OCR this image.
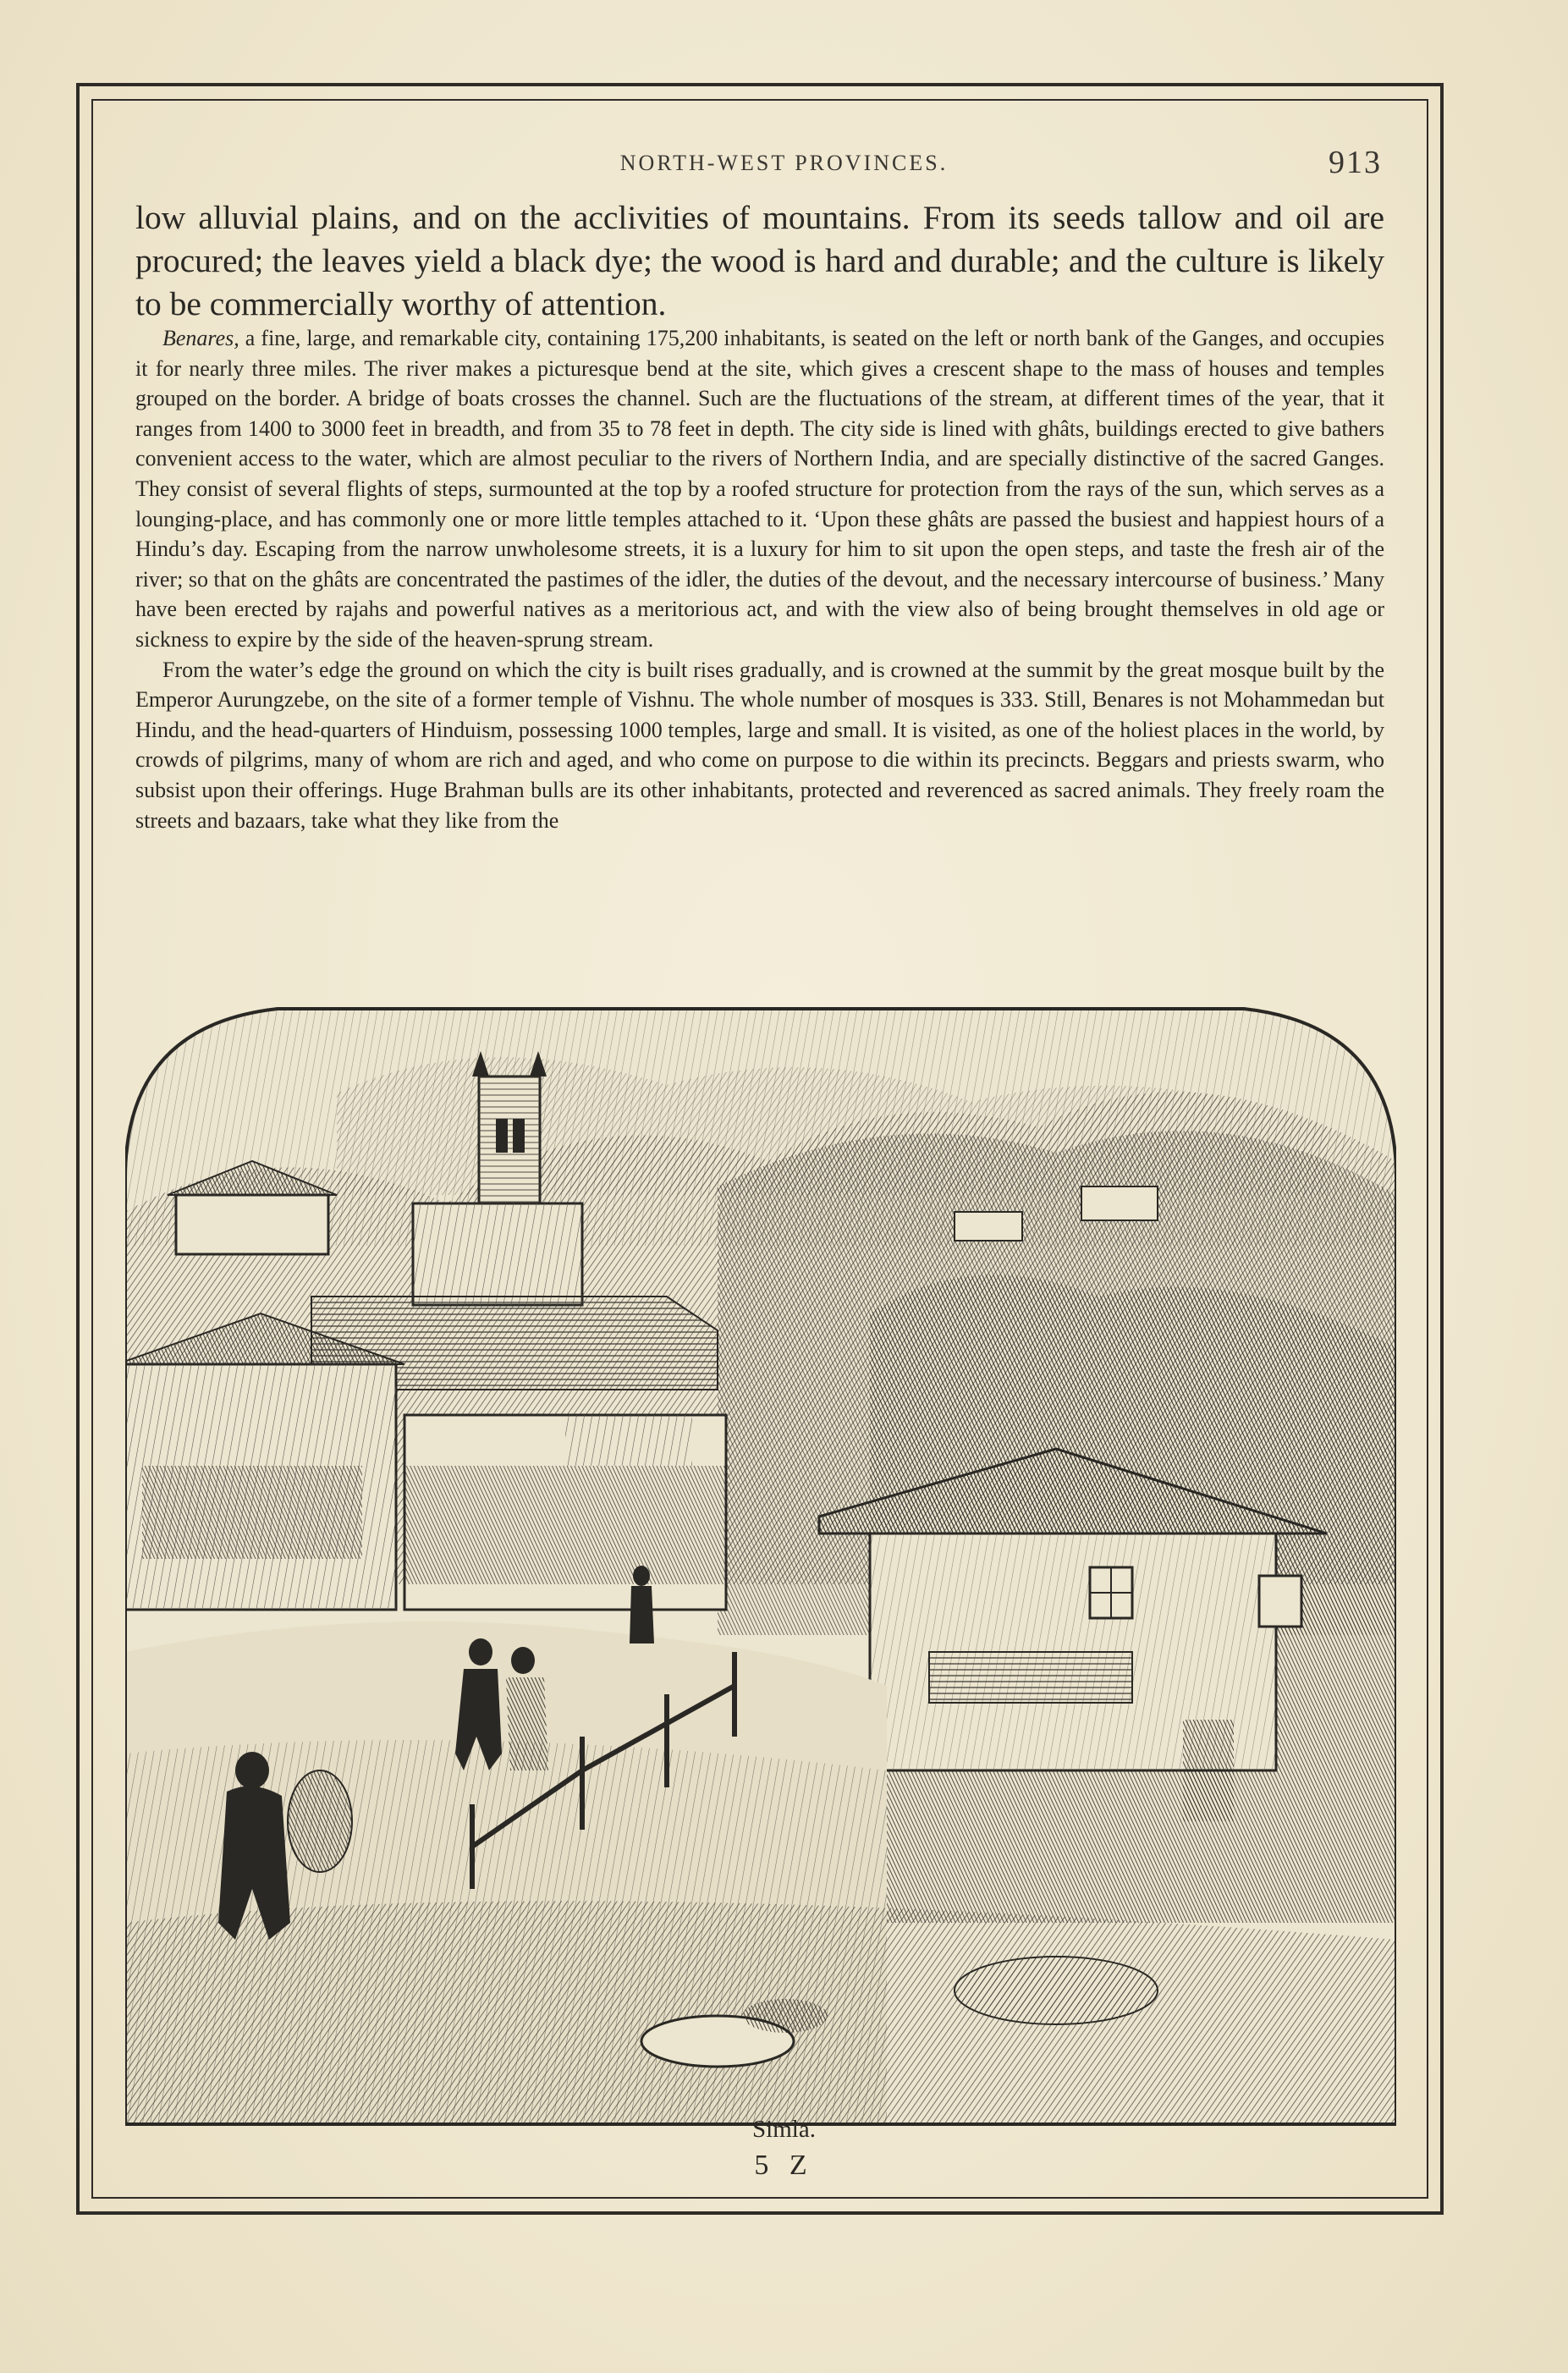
NORTH-WEST PROVINCES.	913

low alluvial plains, and on the acclivities of mountains. From its seeds tallow and oil are procured; the leaves yield a black dye; the wood is hard and durable; and the culture is likely to be commercially worthy of attention.

Benares, a fine, large, and remarkable city, containing 175,200 inhabitants, is seated on the left or north bank of the Ganges, and occupies it for nearly three miles. The river makes a picturesque bend at the site, which gives a crescent shape to the mass of houses and temples grouped on the border. A bridge of boats crosses the channel. Such are the fluctuations of the stream, at different times of the year, that it ranges from 1400 to 3000 feet in breadth, and from 35 to 78 feet in depth. The city side is lined with ghâts, buildings erected to give bathers convenient access to the water, which are almost peculiar to the rivers of Northern India, and are specially distinctive of the sacred Ganges. They consist of several flights of steps, surmounted at the top by a roofed structure for protection from the rays of the sun, which serves as a lounging-place, and has commonly one or more little temples attached to it. ‘Upon these ghâts are passed the busiest and happiest hours of a Hindu’s day. Escaping from the narrow unwholesome streets, it is a luxury for him to sit upon the open steps, and taste the fresh air of the river; so that on the ghâts are concentrated the pastimes of the idler, the duties of the devout, and the necessary intercourse of business.’ Many have been erected by rajahs and powerful natives as a meritorious act, and with the view also of being brought themselves in old age or sickness to expire by the side of the heaven-sprung stream.

From the water’s edge the ground on which the city is built rises gradually, and is crowned at the summit by the great mosque built by the Emperor Aurungzebe, on the site of a former temple of Vishnu. The whole number of mosques is 333. Still, Benares is not Mohammedan but Hindu, and the head-quarters of Hinduism, possessing 1000 temples, large and small. It is visited, as one of the holiest places in the world, by crowds of pilgrims, many of whom are rich and aged, and who come on purpose to die within its precincts. Beggars and priests swarm, who subsist upon their offerings. Huge Brahman bulls are its other inhabitants, protected and reverenced as sacred animals. They freely roam the streets and bazaars, take what they like from the

Simla.
5 Z
